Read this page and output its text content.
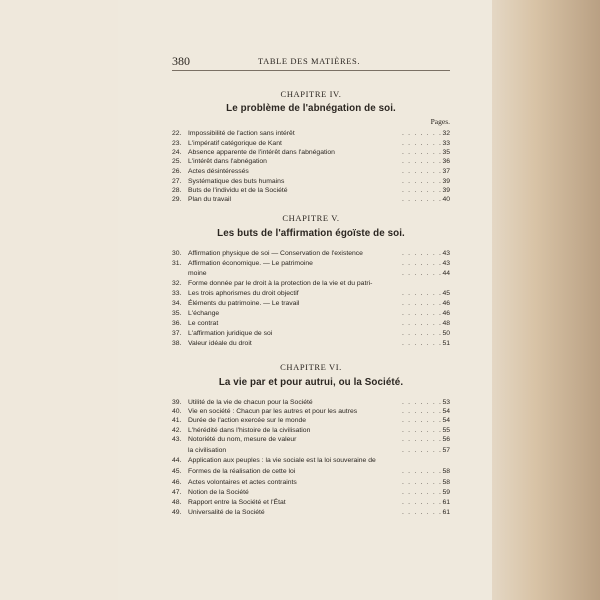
380	TABLE DES MATIÈRES.
CHAPITRE IV.
Le problème de l'abnégation de soi.
Pages.
22. Impossibilité de l'action sans intérêt	. . . . . . . 32
23. L'impératif catégorique de Kant	. . . . . . . 33
24. Absence apparente de l'intérêt dans l'abnégation	. . . . . . . 35
25. L'intérêt dans l'abnégation	. . . . . . . 36
26. Actes désintéressés	. . . . . . . 37
27. Systématique des buts humains	. . . . . . . 39
28. Buts de l'individu et de la Société	. . . . . . . 39
29. Plan du travail	. . . . . . . 40
CHAPITRE V.
Les buts de l'affirmation égoïste de soi.
30. Affirmation physique de soi — Conservation de l'existence	. . . . . . . 43
31. Affirmation économique. — Le patrimoine	. . . . . . . 43
32. Forme donnée par le droit à la protection de la vie et du patri-
moine	. . . . . . . 44
33. Les trois aphorismes du droit objectif	. . . . . . . 45
34. Éléments du patrimoine. — Le travail	. . . . . . . 46
35. L'échange	. . . . . . . 46
36. Le contrat	. . . . . . . 48
37. L'affirmation juridique de soi	. . . . . . . 50
38. Valeur idéale du droit	. . . . . . . 51
CHAPITRE VI.
La vie par et pour autrui, ou la Société.
39. Utilité de la vie de chacun pour la Société	. . . . . . . 53
40. Vie en société : Chacun par les autres et pour les autres	. . . . . . . 54
41. Durée de l'action exercée sur le monde	. . . . . . . 54
42. L'hérédité dans l'histoire de la civilisation	. . . . . . . 55
43. Notoriété du nom, mesure de valeur	. . . . . . . 56
44. Application aux peuples : la vie sociale est la loi souveraine de
la civilisation	. . . . . . . 57
45. Formes de la réalisation de cette loi	. . . . . . . 58
46. Actes volontaires et actes contraints	. . . . . . . 58
47. Notion de la Société	. . . . . . . 59
48. Rapport entre la Société et l'État	. . . . . . . 61
49. Universalité de la Société	. . . . . . . 61
